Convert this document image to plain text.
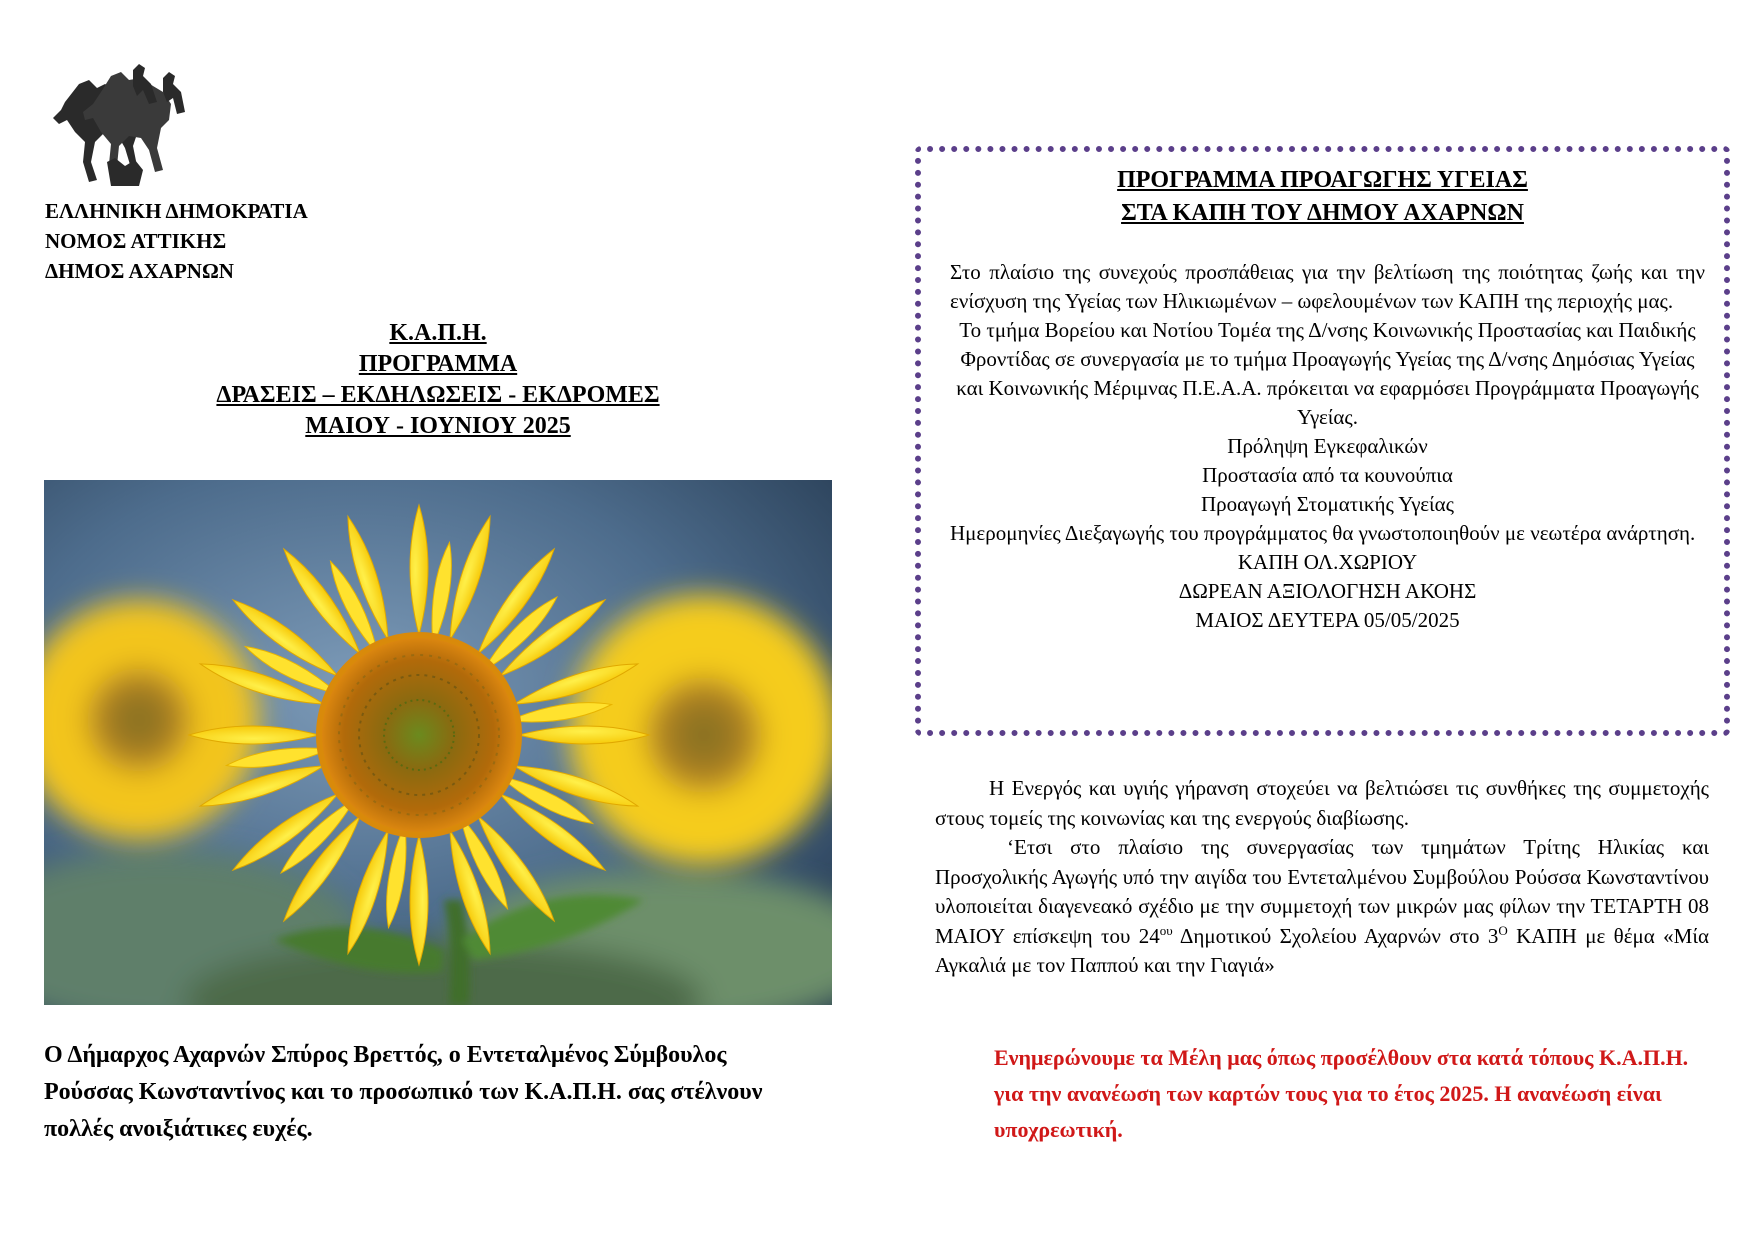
ΕΛΛΗΝΙΚΗ ΔΗΜΟΚΡΑΤΙΑ
ΝΟΜΟΣ ΑΤΤΙΚΗΣ
ΔΗΜΟΣ ΑΧΑΡΝΩΝ
Κ.Α.Π.Η.
ΠΡΟΓΡΑΜΜΑ
ΔΡΑΣΕΙΣ – ΕΚΔΗΛΩΣΕΙΣ - ΕΚΔΡΟΜΕΣ
ΜΑΙΟΥ - ΙΟΥΝΙΟΥ 2025
Ο Δήμαρχος Αχαρνών Σπύρος Βρεττός, ο Εντεταλμένος Σύμβουλος Ρούσσας Κωνσταντίνος και το προσωπικό των Κ.Α.Π.Η. σας στέλνουν πολλές ανοιξιάτικες ευχές.
ΠΡΟΓΡΑΜΜΑ ΠΡΟΑΓΩΓΗΣ ΥΓΕΙΑΣ
ΣΤΑ ΚΑΠΗ ΤΟΥ ΔΗΜΟΥ ΑΧΑΡΝΩΝ
Στο πλαίσιο της συνεχούς προσπάθειας για την βελτίωση της ποιότητας ζωής και την ενίσχυση της Υγείας των Ηλικιωμένων – ωφελουμένων των ΚΑΠΗ της περιοχής μας.
Το τμήμα Βορείου και Νοτίου Τομέα της Δ/νσης Κοινωνικής Προστασίας και Παιδικής Φροντίδας σε συνεργασία με το τμήμα Προαγωγής Υγείας της Δ/νσης Δημόσιας Υγείας και Κοινωνικής Μέριμνας Π.Ε.Α.Α. πρόκειται να εφαρμόσει Προγράμματα Προαγωγής Υγείας.
Πρόληψη Εγκεφαλικών
Προστασία από τα κουνούπια
Προαγωγή Στοματικής Υγείας
Ημερομηνίες Διεξαγωγής του προγράμματος θα γνωστοποιηθούν με νεωτέρα ανάρτηση.
ΚΑΠΗ ΟΛ.ΧΩΡΙΟΥ
ΔΩΡΕΑΝ ΑΞΙΟΛΟΓΗΣΗ ΑΚΟΗΣ
ΜΑΙΟΣ ΔΕΥΤΕΡΑ 05/05/2025
Η Ενεργός και υγιής γήρανση στοχεύει να βελτιώσει τις συνθήκες της συμμετοχής στους τομείς της κοινωνίας και της ενεργούς διαβίωσης.
‘Ετσι στο πλαίσιο της συνεργασίας των τμημάτων Τρίτης Ηλικίας και Προσχολικής Αγωγής υπό την αιγίδα του Εντεταλμένου Συμβούλου Ρούσσα Κωνσταντίνου υλοποιείται διαγενεακό σχέδιο με την συμμετοχή των μικρών μας φίλων την ΤΕΤΑΡΤΗ 08 ΜΑΙΟΥ επίσκεψη του $24^{o\upsilon}$ Δημοτικού Σχολείου Αχαρνών στο $3^O$ ΚΑΠΗ με θέμα «Μία Αγκαλιά με τον Παππού και την Γιαγιά»
Ενημερώνουμε τα Μέλη μας όπως προσέλθουν στα κατά τόπους Κ.Α.Π.Η. για την ανανέωση των καρτών τους για το έτος 2025. Η ανανέωση είναι υποχρεωτική.
